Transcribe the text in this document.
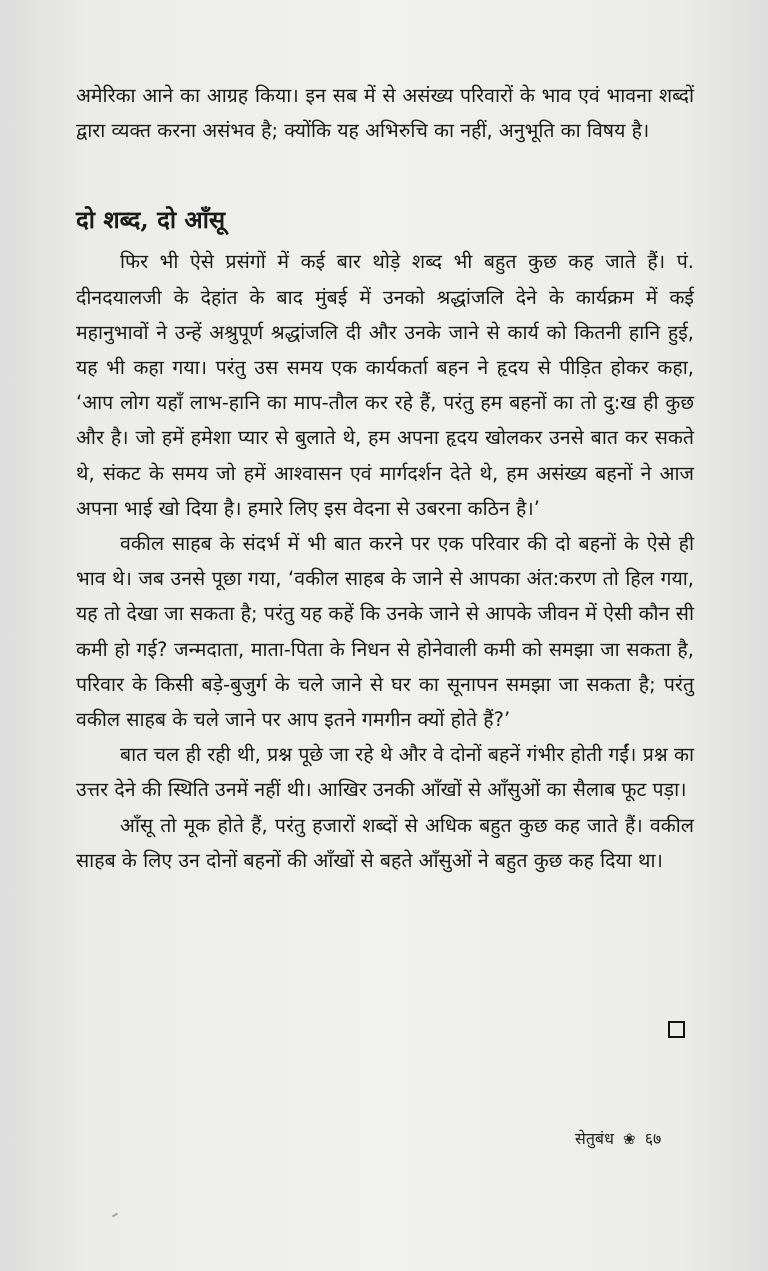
अमेरिका आने का आग्रह किया। इन सब में से असंख्य परिवारों के भाव एवं भावना शब्दों द्वारा व्यक्त करना असंभव है; क्योंकि यह अभिरुचि का नहीं, अनुभूति का विषय है।

दो शब्द, दो आँसू

फिर भी ऐसे प्रसंगों में कई बार थोड़े शब्द भी बहुत कुछ कह जाते हैं। पं. दीनदयालजी के देहांत के बाद मुंबई में उनको श्रद्धांजलि देने के कार्यक्रम में कई महानुभावों ने उन्हें अश्रुपूर्ण श्रद्धांजलि दी और उनके जाने से कार्य को कितनी हानि हुई, यह भी कहा गया। परंतु उस समय एक कार्यकर्ता बहन ने हृदय से पीड़ित होकर कहा, ‘आप लोग यहाँ लाभ-हानि का माप-तौल कर रहे हैं, परंतु हम बहनों का तो दु:ख ही कुछ और है। जो हमें हमेशा प्यार से बुलाते थे, हम अपना हृदय खोलकर उनसे बात कर सकते थे, संकट के समय जो हमें आश्वासन एवं मार्गदर्शन देते थे, हम असंख्य बहनों ने आज अपना भाई खो दिया है। हमारे लिए इस वेदना से उबरना कठिन है।’

वकील साहब के संदर्भ में भी बात करने पर एक परिवार की दो बहनों के ऐसे ही भाव थे। जब उनसे पूछा गया, ‘वकील साहब के जाने से आपका अंत:करण तो हिल गया, यह तो देखा जा सकता है; परंतु यह कहें कि उनके जाने से आपके जीवन में ऐसी कौन सी कमी हो गई? जन्मदाता, माता-पिता के निधन से होनेवाली कमी को समझा जा सकता है, परिवार के किसी बड़े-बुजुर्ग के चले जाने से घर का सूनापन समझा जा सकता है; परंतु वकील साहब के चले जाने पर आप इतने गमगीन क्यों होते हैं?’

बात चल ही रही थी, प्रश्न पूछे जा रहे थे और वे दोनों बहनें गंभीर होती गईं। प्रश्न का उत्तर देने की स्थिति उनमें नहीं थी। आखिर उनकी आँखों से आँसुओं का सैलाब फूट पड़ा।

आँसू तो मूक होते हैं, परंतु हजारों शब्दों से अधिक बहुत कुछ कह जाते हैं। वकील साहब के लिए उन दोनों बहनों की आँखों से बहते आँसुओं ने बहुत कुछ कह दिया था।

सेतुबंध ❀ ६७
